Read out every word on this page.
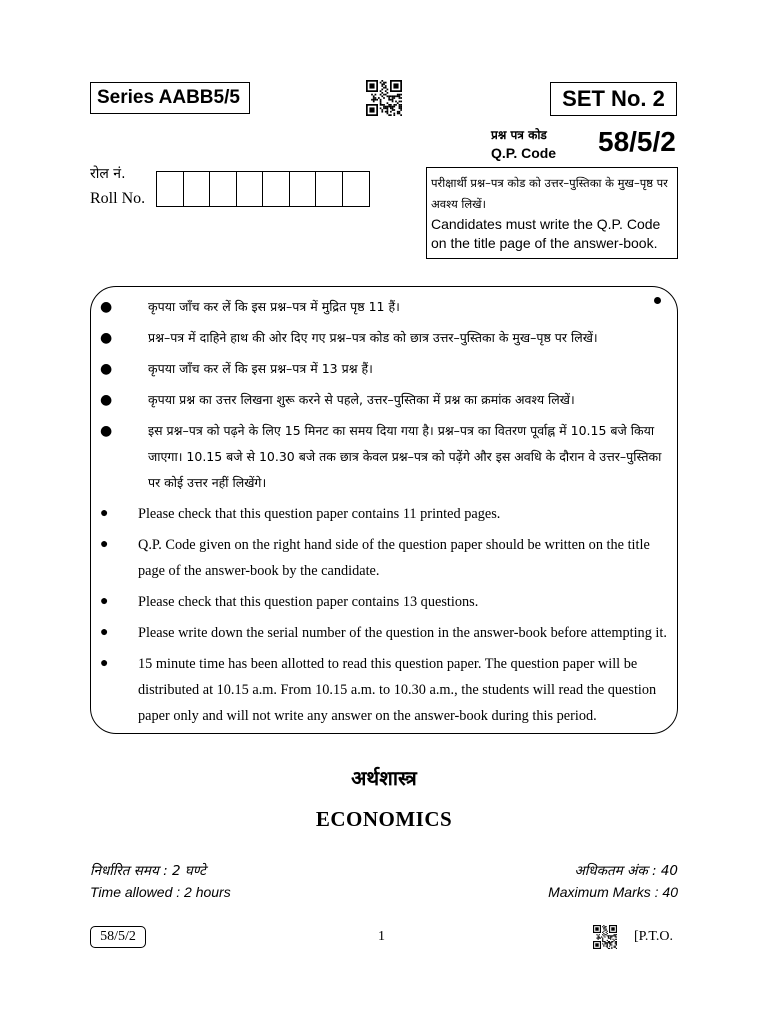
Series AABB5/5	SET No. 2
प्रश्न पत्र कोड
Q.P. Code 58/5/2
रोल नं.
Roll No.
परीक्षार्थी प्रश्न–पत्र कोड को उत्तर–पुस्तिका के मुख–पृष्ठ पर अवश्य लिखें।
Candidates must write the Q.P. Code on the title page of the answer-book.
●	कृपया जाँच कर लें कि इस प्रश्न–पत्र में मुद्रित पृष्ठ 11 हैं।
●	प्रश्न–पत्र में दाहिने हाथ की ओर दिए गए प्रश्न–पत्र कोड को छात्र उत्तर–पुस्तिका के मुख–पृष्ठ पर लिखें।
●	कृपया जाँच कर लें कि इस प्रश्न–पत्र में 13 प्रश्न हैं।
●	कृपया प्रश्न का उत्तर लिखना शुरू करने से पहले, उत्तर–पुस्तिका में प्रश्न का क्रमांक अवश्य लिखें।
●	इस प्रश्न–पत्र को पढ़ने के लिए 15 मिनट का समय दिया गया है। प्रश्न–पत्र का वितरण पूर्वाह्न में 10.15 बजे किया जाएगा। 10.15 बजे से 10.30 बजे तक छात्र केवल प्रश्न–पत्र को पढ़ेंगे और इस अवधि के दौरान वे उत्तर–पुस्तिका पर कोई उत्तर नहीं लिखेंगे।
● Please check that this question paper contains 11 printed pages.
● Q.P. Code given on the right hand side of the question paper should be written on the title page of the answer-book by the candidate.
● Please check that this question paper contains 13 questions.
● Please write down the serial number of the question in the answer-book before attempting it.
● 15 minute time has been allotted to read this question paper. The question paper will be distributed at 10.15 a.m. From 10.15 a.m. to 10.30 a.m., the students will read the question paper only and will not write any answer on the answer-book during this period.
अर्थशास्त्र
ECONOMICS
निर्धारित समय : 2 घण्टे
Time allowed : 2 hours
अधिकतम अंक : 40
Maximum Marks : 40
58/5/2	1	[P.T.O.
